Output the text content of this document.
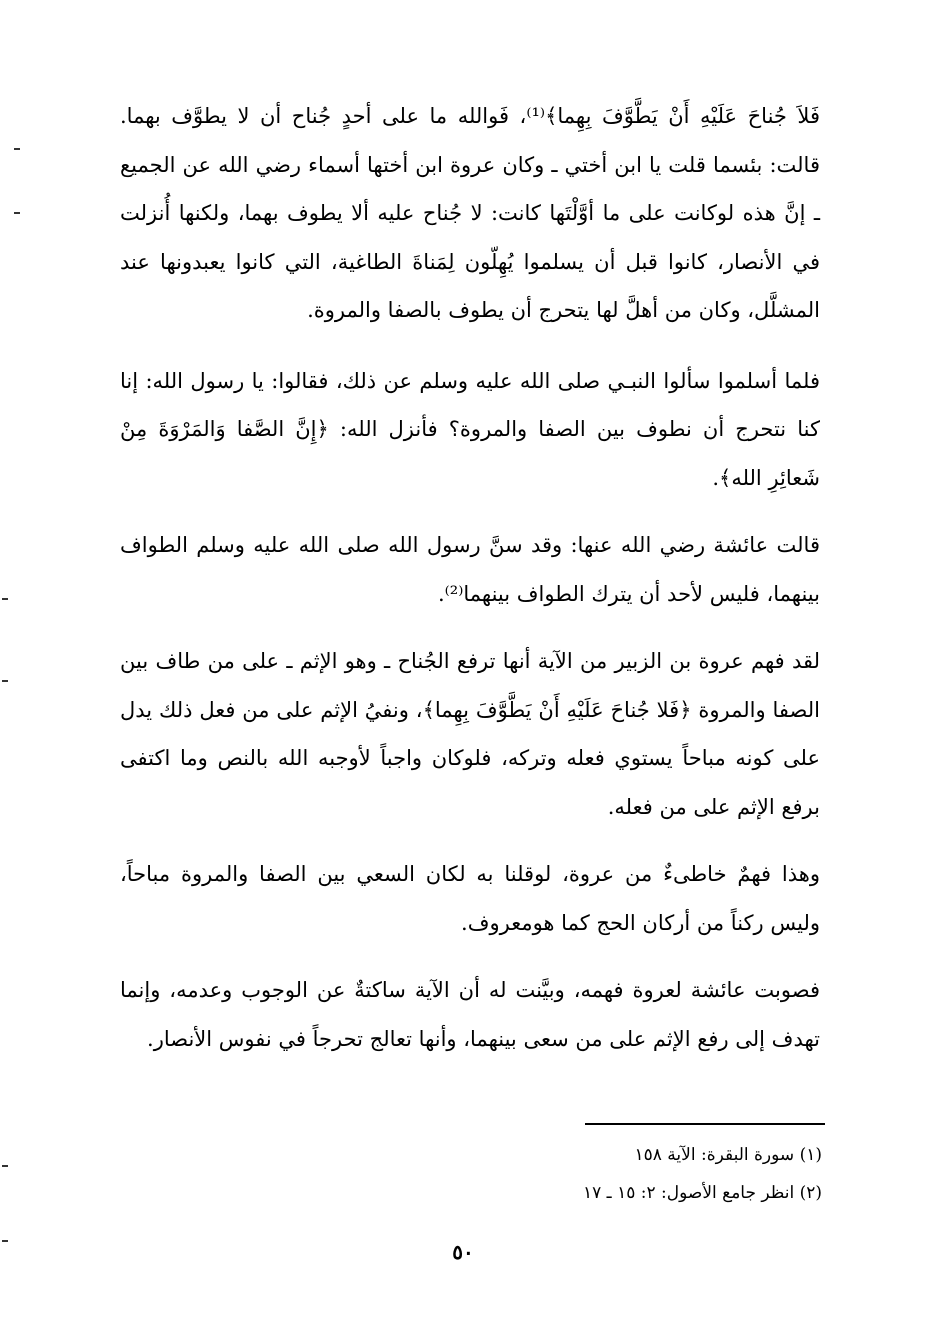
فَلاَ جُناحَ عَلَيْهِ أَنْ يَطَّوَّفَ بِهِما﴾⁽¹⁾، فَوالله ما على أحدٍ جُناح أن لا يطوَّف بهما. قالت: بئسما قلت يا ابن أختي ـ وكان عروة ابن أختها أسماء رضي الله عن الجميع ـ إنَّ هذه لوكانت على ما أوَّلْتَها كانت: لا جُناح عليه ألا يطوف بهما، ولكنها أُنزلت في الأنصار، كانوا قبل أن يسلموا يُهِلّون لِمَناةَ الطاغية، التي كانوا يعبدونها عند المشلَّل، وكان من أهلَّ لها يتحرج أن يطوف بالصفا والمروة.

فلما أسلموا سألوا النبـي صلى الله عليه وسلم عن ذلك، فقالوا: يا رسول الله: إنا كنا نتحرج أن نطوف بين الصفا والمروة؟ فأنزل الله: ﴿إِنَّ الصَّفا وَالمَرْوَةَ مِنْ شَعائِرِ الله﴾.

قالت عائشة رضي الله عنها: وقد سنَّ رسول الله صلى الله عليه وسلم الطواف بينهما، فليس لأحد أن يترك الطواف بينهما⁽²⁾.

لقد فهم عروة بن الزبير من الآية أنها ترفع الجُناح ـ وهو الإثم ـ على من طاف بين الصفا والمروة ﴿فَلا جُناحَ عَلَيْهِ أَنْ يَطَّوَّفَ بِهِما﴾، ونفيُ الإثم على من فعل ذلك يدل على كونه مباحاً يستوي فعله وتركه، فلوكان واجباً لأوجبه الله بالنص وما اكتفى برفع الإثم على من فعله.

وهذا فهمٌ خاطىءٌ من عروة، لوقلنا به لكان السعي بين الصفا والمروة مباحاً، وليس ركناً من أركان الحج كما هومعروف.

فصوبت عائشة لعروة فهمه، وبيَّنت له أن الآية ساكتةٌ عن الوجوب وعدمه، وإنما تهدف إلى رفع الإثم على من سعى بينهما، وأنها تعالج تحرجاً في نفوس الأنصار.

(١) سورة البقرة: الآية ١٥٨

(٢) انظر جامع الأصول: ٢: ١٥ ـ ١٧

٥٠
